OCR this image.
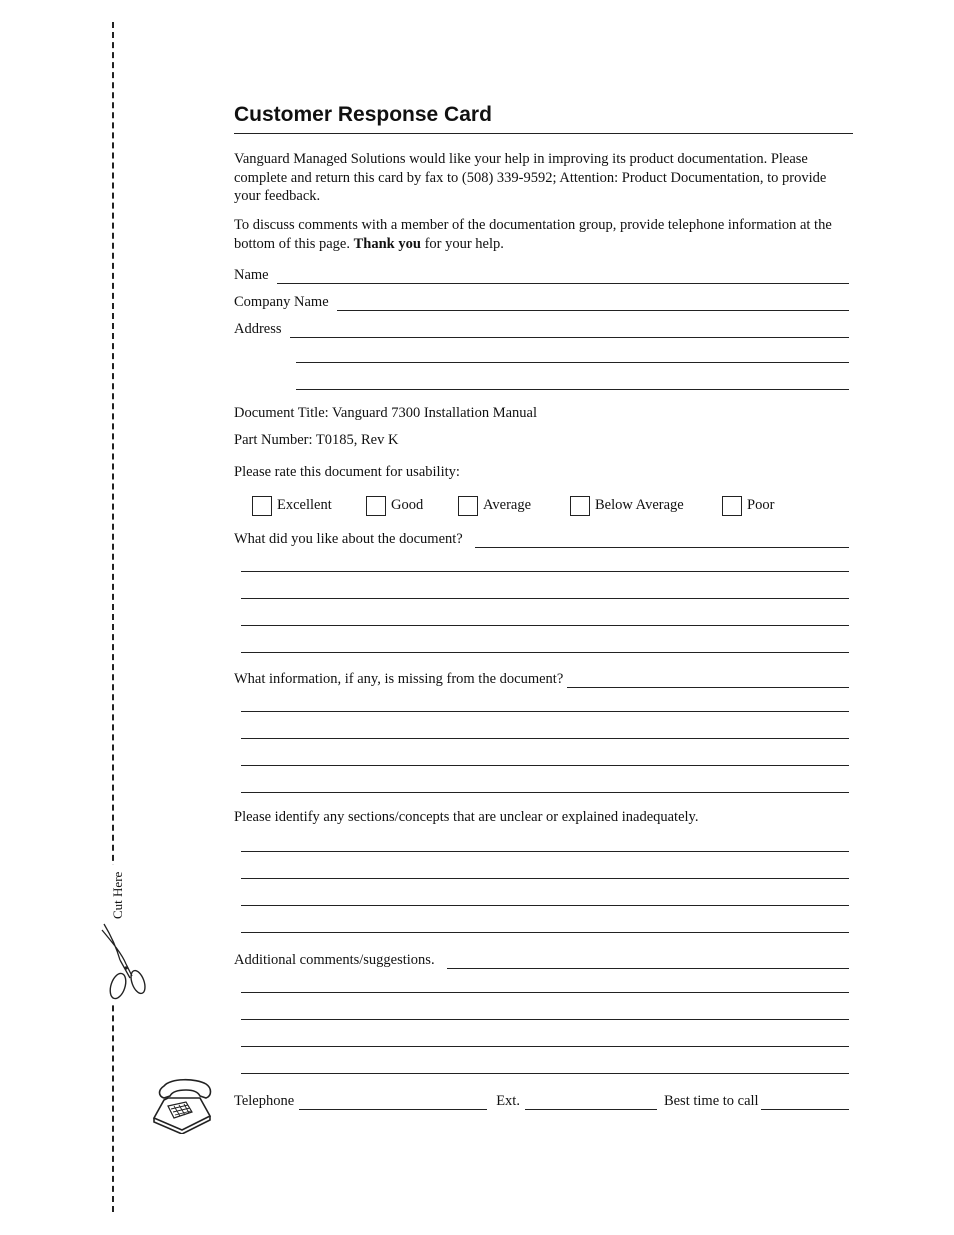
Cut Here
Customer Response Card
Vanguard Managed Solutions would like your help in improving its product documentation. Please complete and return this card by fax to (508) 339-9592; Attention: Product Documentation, to provide your feedback.
To discuss comments with a member of the documentation group, provide telephone information at the bottom of this page. Thank you for your help.
Name
Company Name
Address
Document Title: Vanguard 7300 Installation Manual
Part Number: T0185, Rev K
Please rate this document for usability:
Excellent	Good	Average	Below Average	Poor
What did you like about the document?
What information, if any, is missing from the document?
Please identify any sections/concepts that are unclear or explained inadequately.
Additional comments/suggestions.
Telephone	Ext.	Best time to call
